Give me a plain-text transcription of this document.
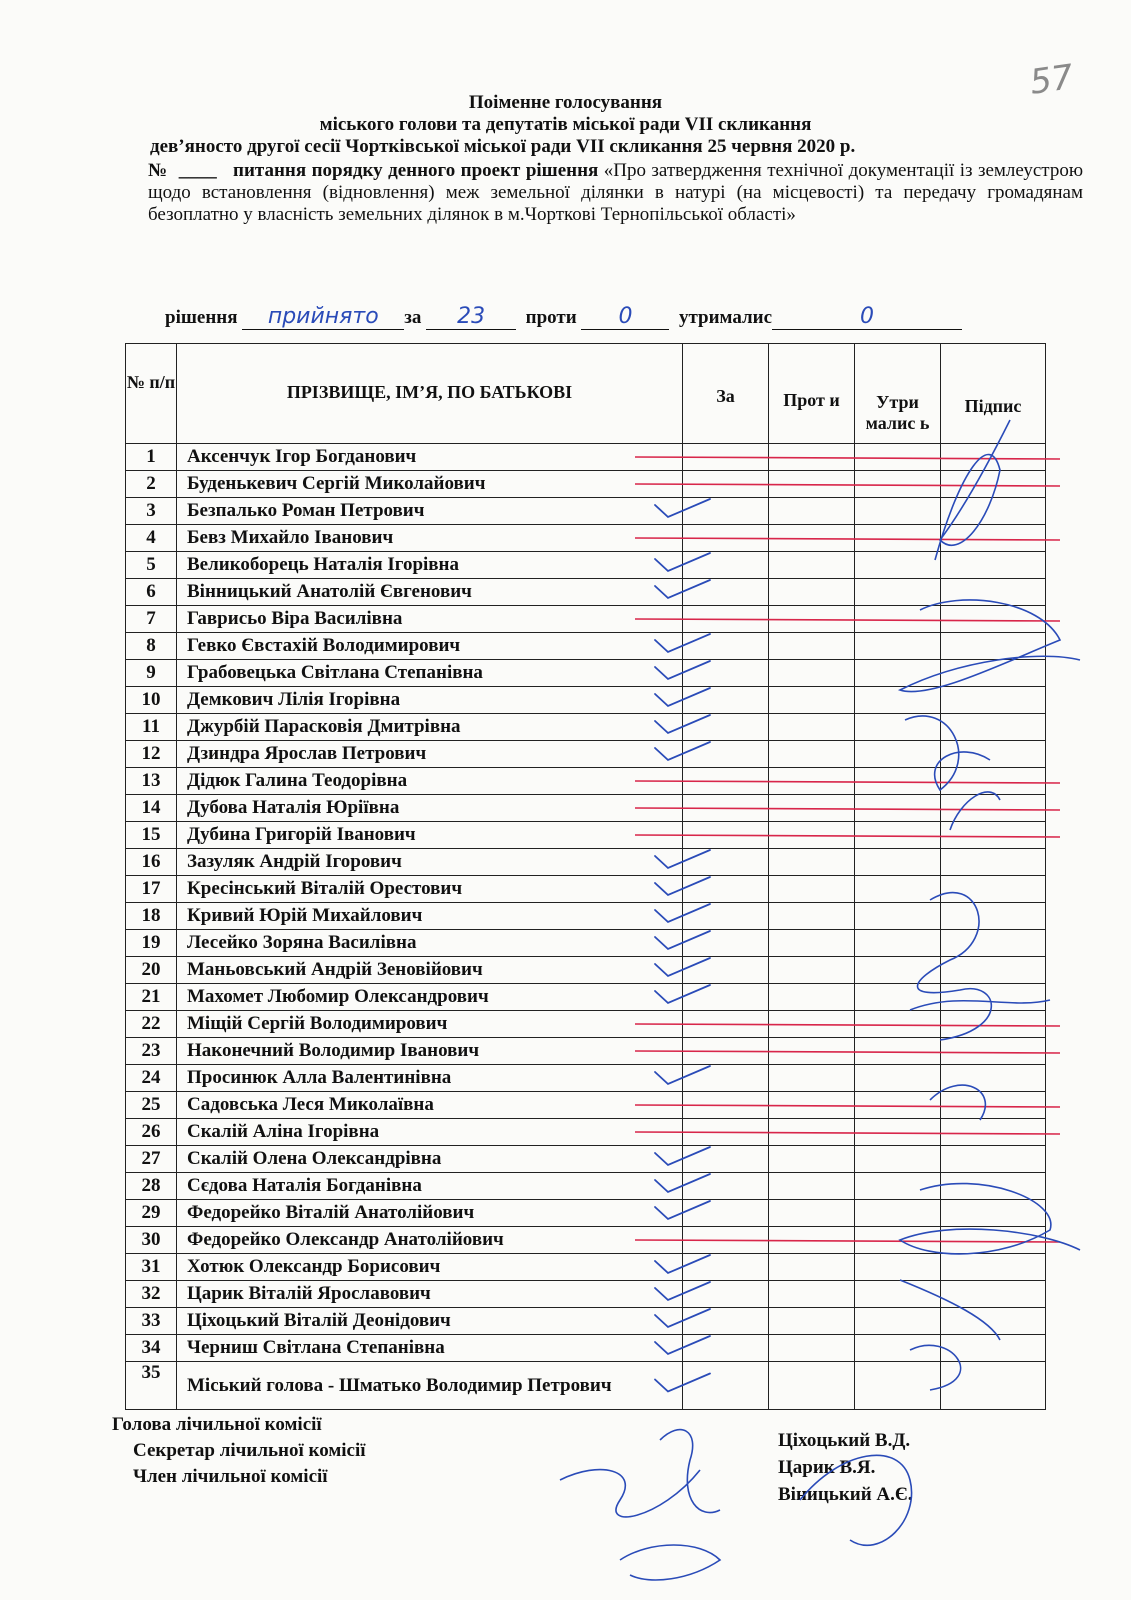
57
Поіменне голосування
міського голови та депутатів міської ради VII скликання
дев’яносто другої сесії Чортківської міської ради VII скликання 25 червня 2020 р.
№ ____ питання порядку денного проект рішення «Про затвердження технічної документації із землеустрою щодо встановлення (відновлення) меж земельної ділянки в натурі (на місцевості) та передачу громадянам безоплатно у власність земельних ділянок в м.Чорткові Тернопільської області»
рішення прийнято за 23 проти 0 утрималис	0
№ п/п	ПРІЗВИЩЕ, ІМ’Я, ПО БАТЬКОВІ	За	Прот и	Утри малис ь	Підпис
1	Аксенчук Ігор Богданович				
2	Буденькевич Сергій Миколайович				
3	Безпалько Роман Петрович				
4	Бевз Михайло Іванович				
5	Великоборець Наталія Ігорівна				
6	Вінницький Анатолій Євгенович				
7	Гаврисьо Віра Василівна				
8	Гевко Євстахій Володимирович				
9	Грабовецька Світлана Степанівна				
10	Демкович Лілія Ігорівна				
11	Джурбій Парасковія Дмитрівна				
12	Дзиндра Ярослав Петрович				
13	Дідюк Галина Теодорівна				
14	Дубова Наталія Юріївна				
15	Дубина Григорій Іванович				
16	Зазуляк Андрій Ігорович				
17	Кресінський Віталій Орестович				
18	Кривий Юрій Михайлович				
19	Лесейко Зоряна Василівна				
20	Маньовський Андрій Зеновійович				
21	Махомет Любомир Олександрович				
22	Міщій Сергій Володимирович				
23	Наконечний Володимир Іванович				
24	Просинюк Алла Валентинівна				
25	Садовська Леся Миколаївна				
26	Скалій Аліна Ігорівна				
27	Скалій Олена Олександрівна				
28	Сєдова Наталія Богданівна				
29	Федорейко Віталій Анатолійович				
30	Федорейко Олександр Анатолійович				
31	Хотюк Олександр Борисович				
32	Царик Віталій Ярославович				
33	Ціхоцький Віталій Деонідович				
34	Черниш Світлана Степанівна				
35	Міський голова - Шматько Володимир Петрович				
Голова лічильної комісії
Секретар лічильної комісії
Член лічильної комісії
Ціхоцький В.Д.
Царик В.Я.
Віницький А.Є.
